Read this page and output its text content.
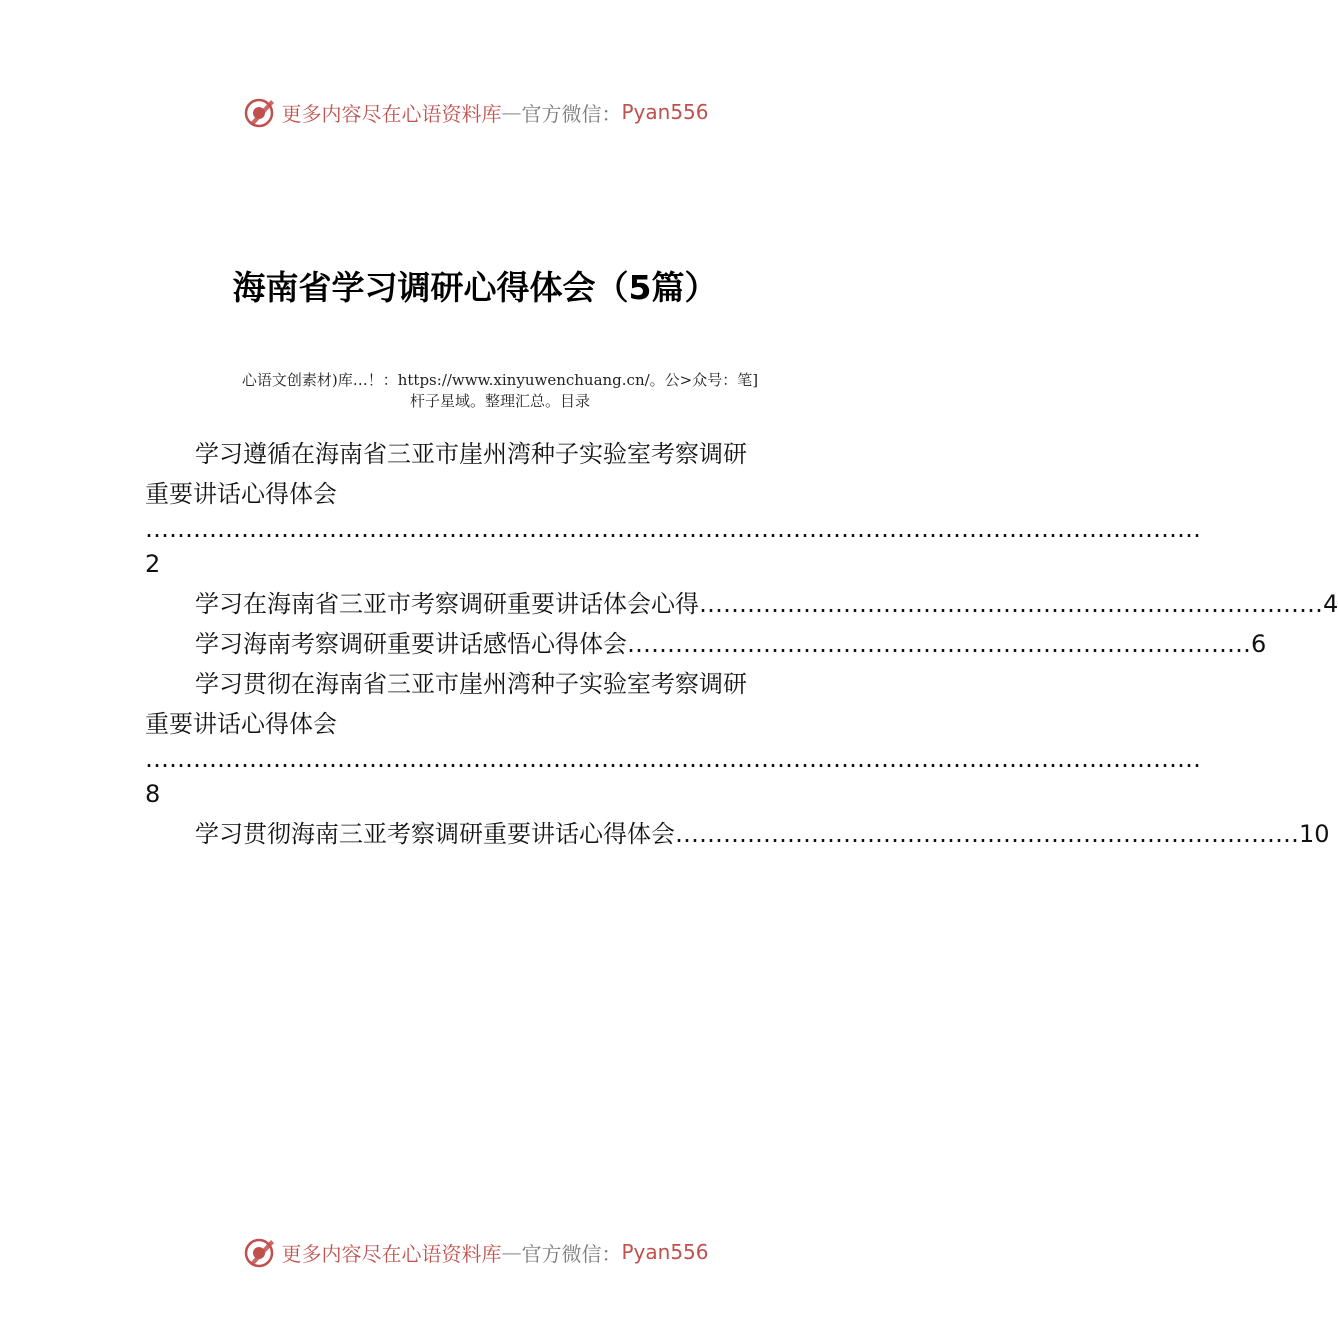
更多内容尽在心语资料库 — 官方微信： Pyan556
海南省学习调研心得体会（5篇）
心语文创素材)库…！：https://www.xinyuwenchuang.cn/。公>众号：笔]
杆子星域。整理汇总。目录
学习遵循在海南省三亚市崖州湾种子实验室考察调研
重要讲话心得体会
……………………………………………………………………………………………………………………
2
学习在海南省三亚市考察调研重要讲话体会心得 …………………………………………………………………… 4
学习海南考察调研重要讲话感悟心得体会 …………………………………………………………………… 6
学习贯彻在海南省三亚市崖州湾种子实验室考察调研
重要讲话心得体会
……………………………………………………………………………………………………………………
8
学习贯彻海南三亚考察调研重要讲话心得体会 …………………………………………………………………… 10
更多内容尽在心语资料库 — 官方微信： Pyan556
